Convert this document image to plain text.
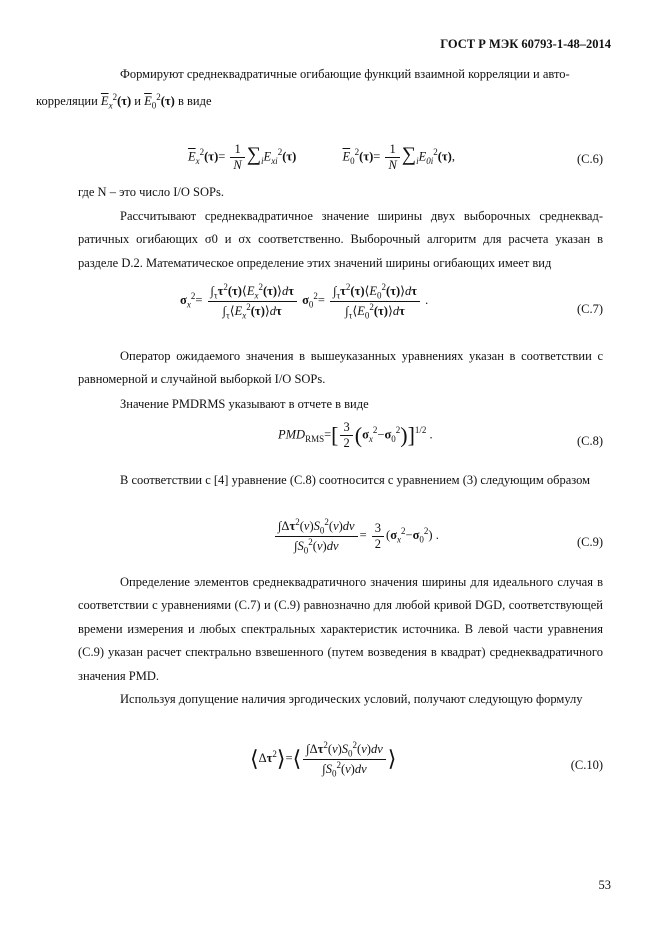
ГОСТ Р МЭК 60793-1-48–2014
Формируют среднеквадратичные огибающие функций взаимной корреляции и авто-
корреляции $\overline{E}_x^2(\tau)$ и $\overline{E}_0^2(\tau)$ в виде
$\overline{E}_x^2(\tau)= \frac{1}{N} \sum_iE_{xi}^2(\tau)$	$\overline{E}_0^2(\tau)= \frac{1}{N} \sum_iE_{0i}^2(\tau)$,	(C.6)
где N – это число I/O SOPs.
Рассчитывают среднеквадратичное значение ширины двух выборочных среднеквад-ратичных огибающих σ0 и σx соответственно. Выборочный алгоритм для расчета указан в разделе D.2. Математическое определение этих значений ширины огибающих имеет вид
$\sigma_x^2= \frac{\int_\tau\tau^2(\tau)⟨E_x^2(\tau)⟩d\tau}{\int_\tau⟨E_x^2(\tau)⟩d\tau} \sigma_0^2= \frac{\int_\tau\tau^2(\tau)⟨E_0^2(\tau)⟩d\tau}{\int_\tau⟨E_0^2(\tau)⟩d\tau}$ .
(C.7)
Оператор ожидаемого значения в вышеуказанных уравнениях указан в соответствии с равномерной и случайной выборкой I/O SOPs.
Значение PMDRMS указывают в отчете в виде
$PMD_{RMS}=[ \frac{3}{2} (\sigma_x^2-\sigma_0^2)]^{1/2}$ .	(C.8)
В соответствии с [4] уравнение (C.8) соотносится с уравнением (3) следующим образом
$\frac{\int\Delta\tau^2(v)S_0^2(v)dv}{\int S_0^2(v)dv} = \frac{3}{2} (\sigma_x^2-\sigma_0^2)$ .	(C.9)
Определение элементов среднеквадратичного значения ширины для идеального случая в соответствии с уравнениями (C.7) и (C.9) равнозначно для любой кривой DGD, соответствующей времени измерения и любых спектральных характеристик источника. В левой части уравнения (C.9) указан расчет спектрально взвешенного (путем возведения в квадрат) среднеквадратичного значения PMD.
Используя допущение наличия эргодических условий, получают следующую формулу
$⟨\Delta\tau^2⟩=⟨ \frac{\int\Delta\tau^2(v)S_0^2(v)dv}{\int S_0^2(v)dv}$ ⟩	(C.10)
53
